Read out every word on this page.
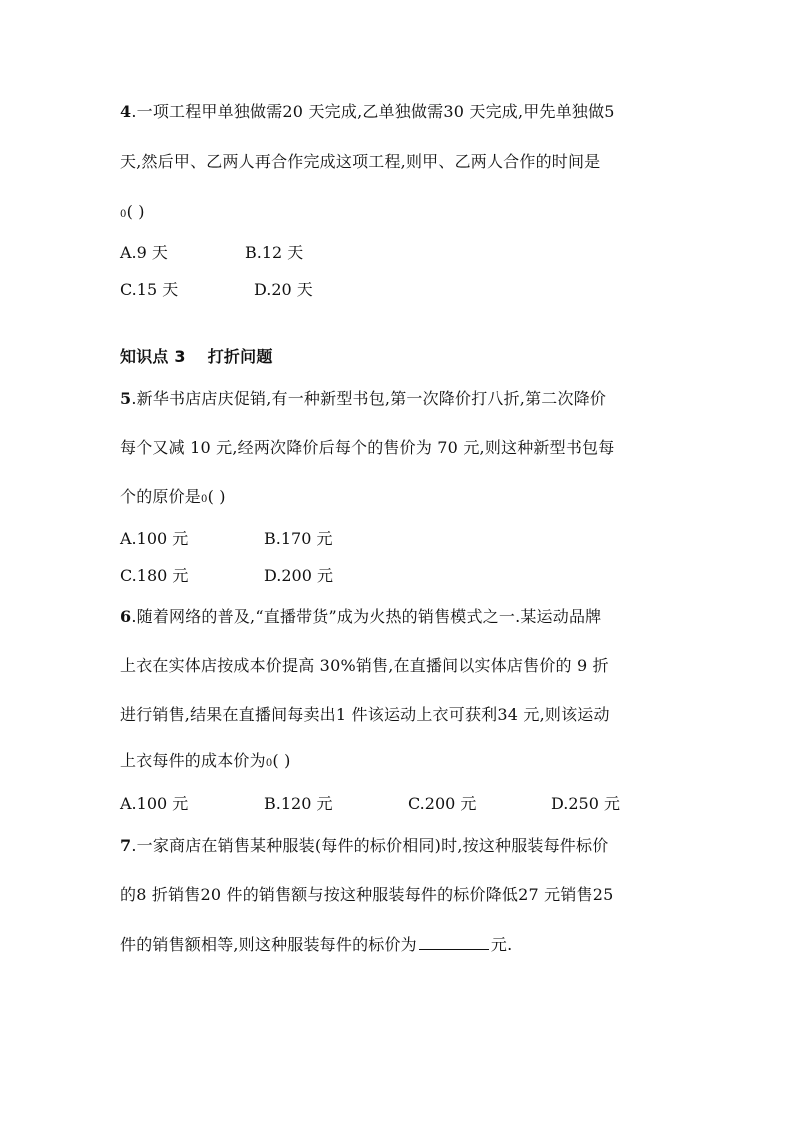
4.一项工程甲单独做需20 天完成,乙单独做需30 天完成,甲先单独做5
天,然后甲、乙两人再合作完成这项工程,则甲、乙两人合作的时间是
0( )
A.9 天	B.12 天
C.15 天	D.20 天
知识点 3 打折问题
5.新华书店店庆促销,有一种新型书包,第一次降价打八折,第二次降价
每个又减 10 元,经两次降价后每个的售价为 70 元,则这种新型书包每
个的原价是0( )
A.100 元	B.170 元
C.180 元	D.200 元
6.随着网络的普及,“直播带货”成为火热的销售模式之一.某运动品牌
上衣在实体店按成本价提高 30%销售,在直播间以实体店售价的 9 折
进行销售,结果在直播间每卖出1 件该运动上衣可获利34 元,则该运动
上衣每件的成本价为0( )
A.100 元	B.120 元	C.200 元	D.250 元
7.一家商店在销售某种服装(每件的标价相同)时,按这种服装每件标价
的8 折销售20 件的销售额与按这种服装每件的标价降低27 元销售25
件的销售额相等,则这种服装每件的标价为	元.
